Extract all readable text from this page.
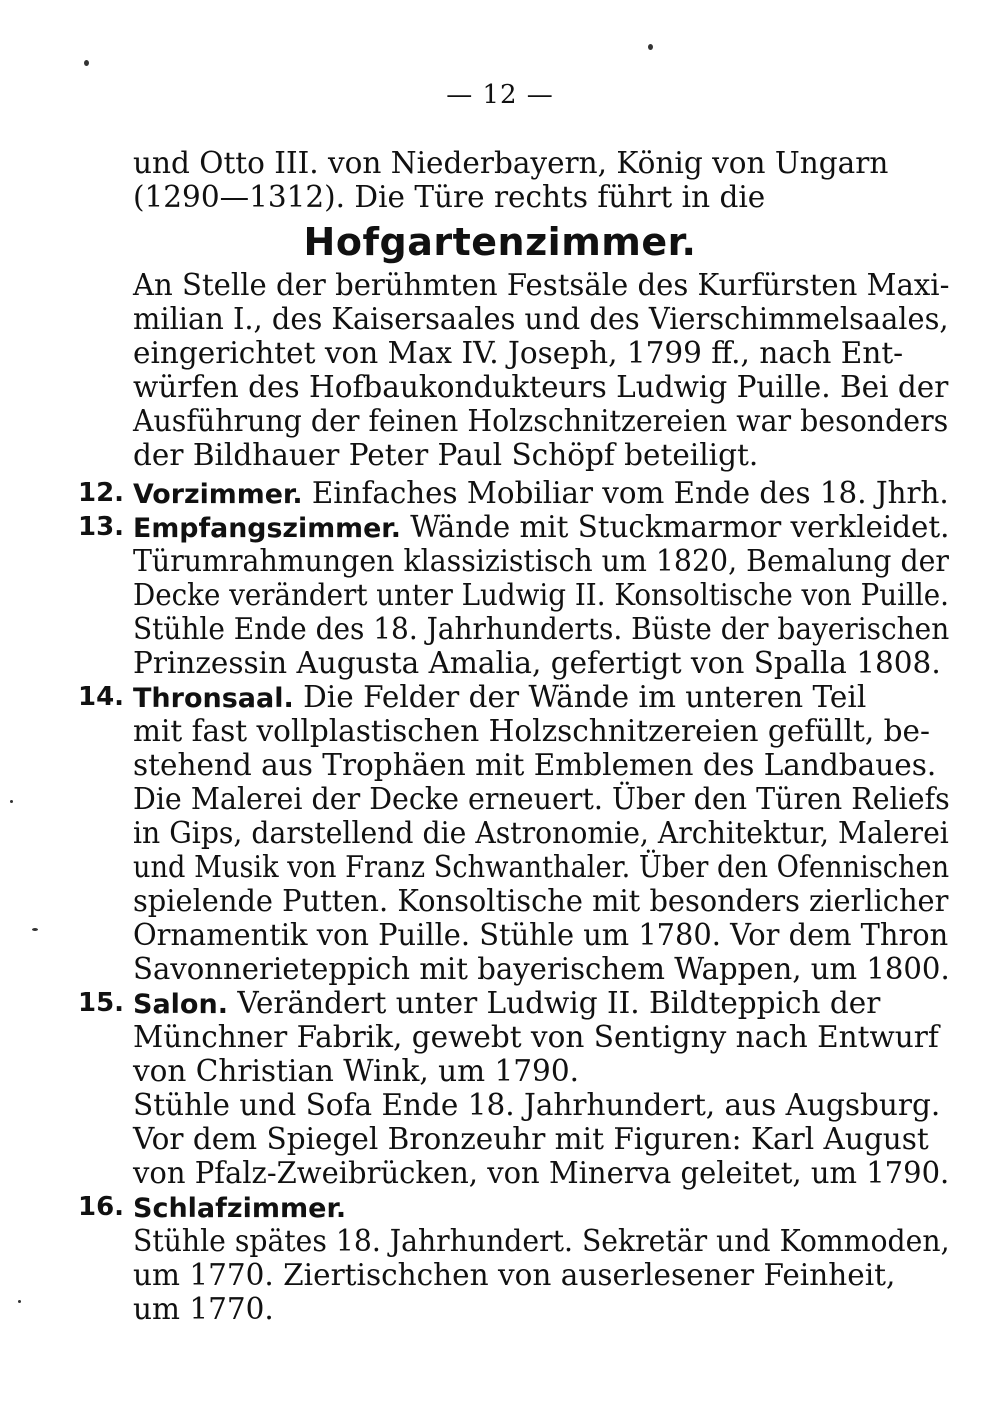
— 12 —
und Otto III. von Niederbayern, König von Ungarn
(1290—1312). Die Türe rechts führt in die
Hofgartenzimmer.
An Stelle der berühmten Festsäle des Kurfürsten Maxi-
milian I., des Kaisersaales und des Vierschimmelsaales,
eingerichtet von Max IV. Joseph, 1799 ff., nach Ent-
würfen des Hofbaukondukteurs Ludwig Puille. Bei der
Ausführung der feinen Holzschnitzereien war besonders
der Bildhauer Peter Paul Schöpf beteiligt.
12. Vorzimmer. Einfaches Mobiliar vom Ende des 18. Jhrh.
13. Empfangszimmer. Wände mit Stuckmarmor verkleidet.
Türumrahmungen klassizistisch um 1820, Bemalung der
Decke verändert unter Ludwig II. Konsoltische von Puille.
Stühle Ende des 18. Jahrhunderts. Büste der bayerischen
Prinzessin Augusta Amalia, gefertigt von Spalla 1808.
14. Thronsaal. Die Felder der Wände im unteren Teil
mit fast vollplastischen Holzschnitzereien gefüllt, be-
stehend aus Trophäen mit Emblemen des Landbaues.
Die Malerei der Decke erneuert. Über den Türen Reliefs
in Gips, darstellend die Astronomie, Architektur, Malerei
und Musik von Franz Schwanthaler. Über den Ofennischen
spielende Putten. Konsoltische mit besonders zierlicher
Ornamentik von Puille. Stühle um 1780. Vor dem Thron
Savonnerieteppich mit bayerischem Wappen, um 1800.
15. Salon. Verändert unter Ludwig II. Bildteppich der
Münchner Fabrik, gewebt von Sentigny nach Entwurf
von Christian Wink, um 1790.
Stühle und Sofa Ende 18. Jahrhundert, aus Augsburg.
Vor dem Spiegel Bronzeuhr mit Figuren: Karl August
von Pfalz-Zweibrücken, von Minerva geleitet, um 1790.
16. Schlafzimmer.
Stühle spätes 18. Jahrhundert. Sekretär und Kommoden,
um 1770. Ziertischchen von auserlesener Feinheit,
um 1770.
